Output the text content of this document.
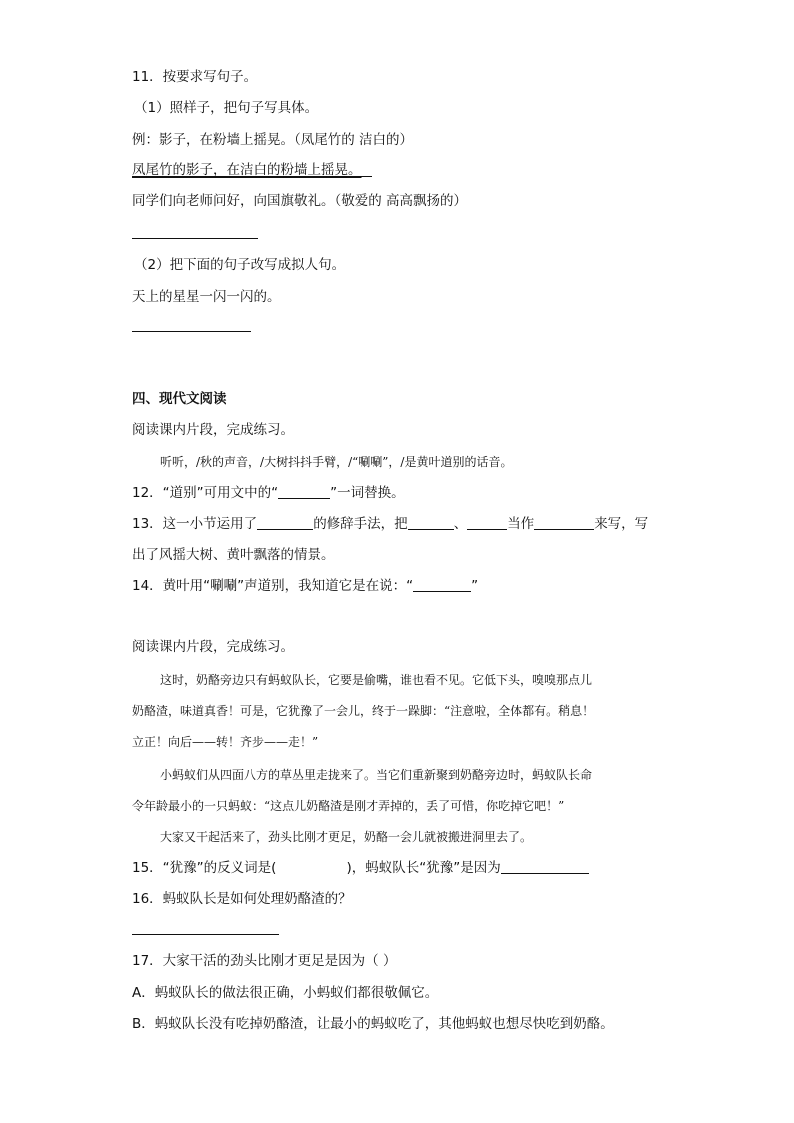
11．按要求写句子。
（1）照样子，把句子写具体。
例：影子，在粉墙上摇晃。（凤尾竹的 洁白的）
凤尾竹的影子，在洁白的粉墙上摇晃。
同学们向老师问好，向国旗敬礼。（敬爱的 高高飘扬的）
（2）把下面的句子改写成拟人句。
天上的星星一闪一闪的。
四、现代文阅读
阅读课内片段，完成练习。
听听，/秋的声音，/大树抖抖手臂，/“唰唰”，/是黄叶道别的话音。
12．“道别”可用文中的“	”一词替换。
13．这一小节运用了	的修辞手法，把	、	当作	来写，写
出了风摇大树、黄叶飘落的情景。
14．黄叶用“唰唰”声道别，我知道它是在说：“	”
阅读课内片段，完成练习。
这时，奶酪旁边只有蚂蚁队长，它要是偷嘴，谁也看不见。它低下头，嗅嗅那点儿
奶酪渣，味道真香！可是，它犹豫了一会儿，终于一跺脚：“注意啦，全体都有。稍息！
立正！向后——转！齐步——走！”
小蚂蚁们从四面八方的草丛里走拢来了。当它们重新聚到奶酪旁边时，蚂蚁队长命
令年龄最小的一只蚂蚁：“这点儿奶酪渣是刚才弄掉的，丢了可惜，你吃掉它吧！”
大家又干起活来了，劲头比刚才更足，奶酪一会儿就被搬进洞里去了。
15．“犹豫”的反义词是(	)，蚂蚁队长“犹豫”是因为
16．蚂蚁队长是如何处理奶酪渣的？
17．大家干活的劲头比刚才更足是因为（ ）
A．蚂蚁队长的做法很正确，小蚂蚁们都很敬佩它。
B．蚂蚁队长没有吃掉奶酪渣，让最小的蚂蚁吃了，其他蚂蚁也想尽快吃到奶酪。
